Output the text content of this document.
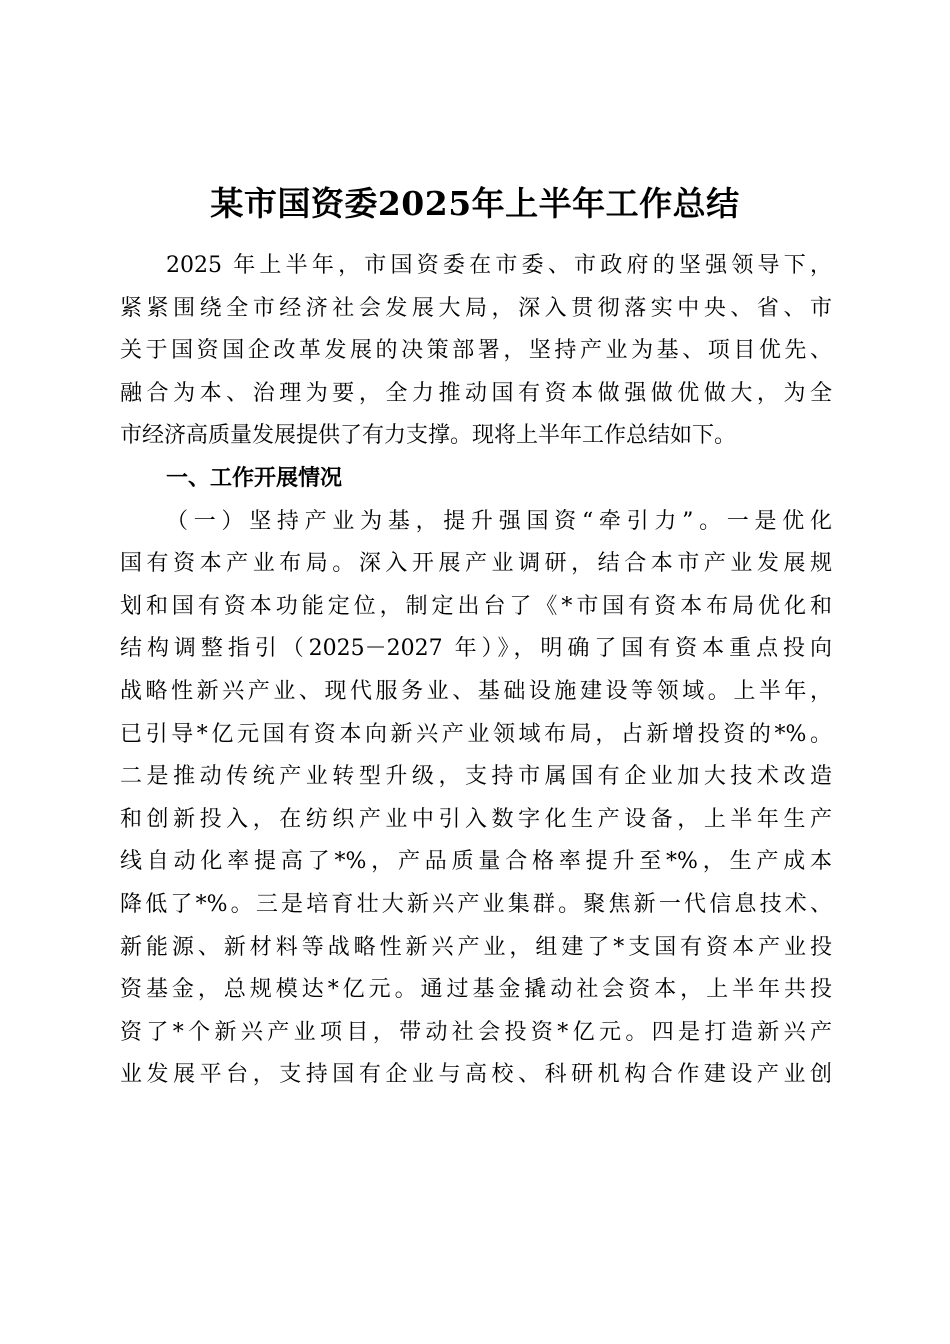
某市国资委2025年上半年工作总结
2025 年上半年，市国资委在市委、市政府的坚强领导下，
紧紧围绕全市经济社会发展大局，深入贯彻落实中央、省、市
关于国资国企改革发展的决策部署，坚持产业为基、项目优先、
融合为本、治理为要，全力推动国有资本做强做优做大，为全
市经济高质量发展提供了有力支撑。现将上半年工作总结如下。
一、工作开展情况
（一）坚持产业为基，提升强国资“牵引力”。一是优化
国有资本产业布局。深入开展产业调研，结合本市产业发展规
划和国有资本功能定位，制定出台了《*市国有资本布局优化和
结构调整指引（2025－2027 年）》，明确了国有资本重点投向
战略性新兴产业、现代服务业、基础设施建设等领域。上半年，
已引导*亿元国有资本向新兴产业领域布局，占新增投资的*%。
二是推动传统产业转型升级，支持市属国有企业加大技术改造
和创新投入，在纺织产业中引入数字化生产设备，上半年生产
线自动化率提高了*%，产品质量合格率提升至*%，生产成本
降低了*%。三是培育壮大新兴产业集群。聚焦新一代信息技术、
新能源、新材料等战略性新兴产业，组建了*支国有资本产业投
资基金，总规模达*亿元。通过基金撬动社会资本，上半年共投
资了*个新兴产业项目，带动社会投资*亿元。四是打造新兴产
业发展平台，支持国有企业与高校、科研机构合作建设产业创
